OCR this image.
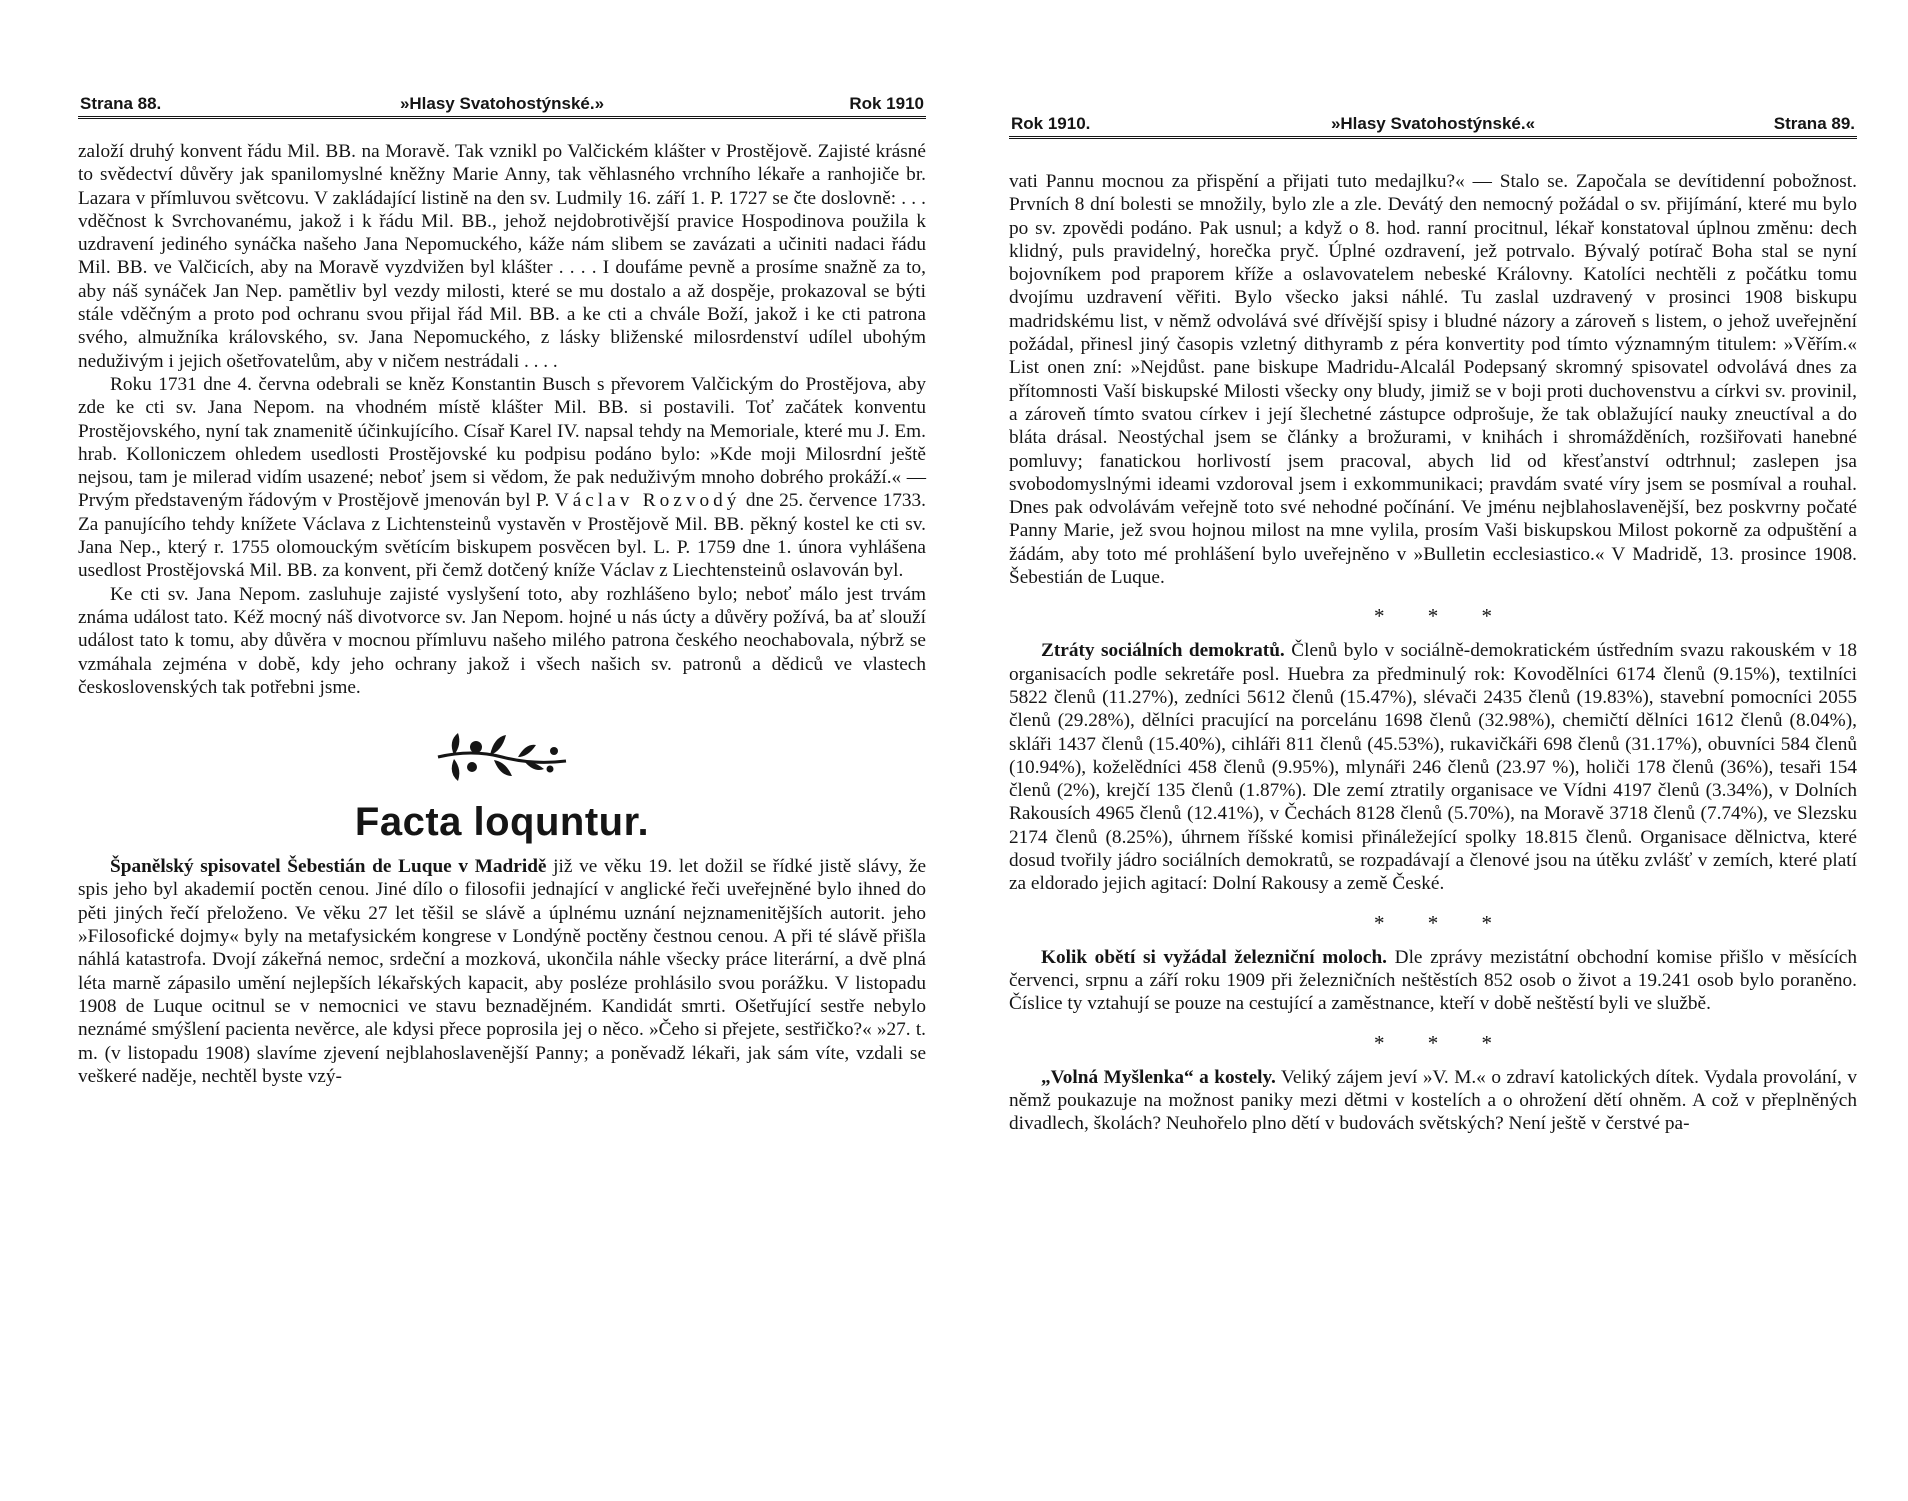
Strana 88.	»Hlasy Svatohostýnské.»	Rok 1910

založí druhý konvent řádu Mil. BB. na Moravě. Tak vznikl po Valčickém klášter v Prostějově. Zajisté krásné to svědectví důvěry jak spanilomyslné kněžny Marie Anny, tak věhlasného vrchního lékaře a ranhojiče br. Lazara v přímluvou světcovu. V zakládající listině na den sv. Ludmily 16. září 1. P. 1727 se čte doslovně: . . . vděčnost k Svrchovanému, jakož i k řádu Mil. BB., jehož nejdobrotivější pravice Hospodinova použila k uzdravení jediného synáčka našeho Jana Nepomuckého, káže nám slibem se zavázati a učiniti nadaci řádu Mil. BB. ve Valčicích, aby na Moravě vyzdvižen byl klášter . . . . I doufáme pevně a prosíme snažně za to, aby náš synáček Jan Nep. pamětliv byl vezdy milosti, které se mu dostalo a až dospěje, prokazoval se býti stále vděčným a proto pod ochranu svou přijal řád Mil. BB. a ke cti a chvále Boží, jakož i ke cti patrona svého, almužníka královského, sv. Jana Nepomuckého, z lásky bliženské milosrdenství udílel ubohým neduživým i jejich ošetřovatelům, aby v ničem nestrádali . . . .

Roku 1731 dne 4. června odebrali se kněz Konstantin Busch s převorem Valčickým do Prostějova, aby zde ke cti sv. Jana Nepom. na vhodném místě klášter Mil. BB. si postavili. Toť začátek konventu Prostějovského, nyní tak znamenitě účinkujícího. Císař Karel IV. napsal tehdy na Memoriale, které mu J. Em. hrab. Kolloniczem ohledem usedlosti Prostějovské ku podpisu podáno bylo: »Kde moji Milosrdní ještě nejsou, tam je milerad vidím usazené; neboť jsem si vědom, že pak neduživým mnoho dobrého prokáží.« — Prvým představeným řádovým v Prostějově jmenován byl P. Václav Rozvodý dne 25. července 1733. Za panujícího tehdy knížete Václava z Lichtensteinů vystavěn v Prostějově Mil. BB. pěkný kostel ke cti sv. Jana Nep., který r. 1755 olomouckým světícím biskupem posvěcen byl. L. P. 1759 dne 1. února vyhlášena usedlost Prostějovská Mil. BB. za konvent, při čemž dotčený kníže Václav z Liechtensteinů oslavován byl.

Ke cti sv. Jana Nepom. zasluhuje zajisté vyslyšení toto, aby rozhlášeno bylo; neboť málo jest trvám známa událost tato. Kéž mocný náš divotvorce sv. Jan Nepom. hojné u nás úcty a důvěry požívá, ba ať slouží událost tato k tomu, aby důvěra v mocnou přímluvu našeho milého patrona českého neochabovala, nýbrž se vzmáhala zejména v době, kdy jeho ochrany jakož i všech našich sv. patronů a dědiců ve vlastech československých tak potřebni jsme.

Facta loquntur.

Španělský spisovatel Šebestián de Luque v Madridě již ve věku 19. let dožil se řídké jistě slávy, že spis jeho byl akademií poctěn cenou. Jiné dílo o filosofii jednající v anglické řeči uveřejněné bylo ihned do pěti jiných řečí přeloženo. Ve věku 27 let těšil se slávě a úplnému uznání nejznamenitějších autorit. jeho »Filosofické dojmy« byly na metafysickém kongrese v Londýně poctěny čestnou cenou. A při té slávě přišla náhlá katastrofa. Dvojí zákeřná nemoc, srdeční a mozková, ukončila náhle všecky práce literární, a dvě plná léta marně zápasilo umění nejlepších lékařských kapacit, aby posléze prohlásilo svou porážku. V listopadu 1908 de Luque ocitnul se v nemocnici ve stavu beznadějném. Kandidát smrti. Ošetřující sestře nebylo neznámé smýšlení pacienta nevěrce, ale kdysi přece poprosila jej o něco. »Čeho si přejete, sestřičko?« »27. t. m. (v listopadu 1908) slavíme zjevení nejblahoslavenější Panny; a poněvadž lékaři, jak sám víte, vzdali se veškeré naděje, nechtěl byste vzý-

Rok 1910.	»Hlasy Svatohostýnské.«	Strana 89.

vati Pannu mocnou za přispění a přijati tuto medajlku?« — Stalo se. Započala se devítidenní pobožnost. Prvních 8 dní bolesti se množily, bylo zle a zle. Devátý den nemocný požádal o sv. přijímání, které mu bylo po sv. zpovědi podáno. Pak usnul; a když o 8. hod. ranní procitnul, lékař konstatoval úplnou změnu: dech klidný, puls pravidelný, horečka pryč. Úplné ozdravení, jež potrvalo. Bývalý potírač Boha stal se nyní bojovníkem pod praporem kříže a oslavovatelem nebeské Královny. Katolíci nechtěli z počátku tomu dvojímu uzdravení věřiti. Bylo všecko jaksi náhlé. Tu zaslal uzdravený v prosinci 1908 biskupu madridskému list, v němž odvolává své dřívější spisy i bludné názory a zároveň s listem, o jehož uveřejnění požádal, přinesl jiný časopis vzletný dithyramb z péra konvertity pod tímto významným titulem: »Věřím.« List onen zní: »Nejdůst. pane biskupe Madridu-Alcalál Podepsaný skromný spisovatel odvolává dnes za přítomnosti Vaší biskupské Milosti všecky ony bludy, jimiž se v boji proti duchovenstvu a církvi sv. provinil, a zároveň tímto svatou církev i její šlechetné zástupce odprošuje, že tak oblažující nauky zneuctíval a do bláta drásal. Neostýchal jsem se články a brožurami, v knihách i shromážděních, rozšiřovati hanebné pomluvy; fanatickou horlivostí jsem pracoval, abych lid od křesťanství odtrhnul; zaslepen jsa svobodomyslnými ideami vzdoroval jsem i exkommunikaci; pravdám svaté víry jsem se posmíval a rouhal. Dnes pak odvolávám veřejně toto své nehodné počínání. Ve jménu nejblahoslavenější, bez poskvrny počaté Panny Marie, jež svou hojnou milost na mne vylila, prosím Vaši biskupskou Milost pokorně za odpuštění a žádám, aby toto mé prohlášení bylo uveřejněno v »Bulletin ecclesiastico.« V Madridě, 13. prosince 1908. Šebestián de Luque.

* * *

Ztráty sociálních demokratů. Členů bylo v sociálně-demokratickém ústředním svazu rakouském v 18 organisacích podle sekretáře posl. Huebra za předminulý rok: Kovodělníci 6174 členů (9.15%), textilníci 5822 členů (11.27%), zedníci 5612 členů (15.47%), slévači 2435 členů (19.83%), stavební pomocníci 2055 členů (29.28%), dělníci pracující na porcelánu 1698 členů (32.98%), chemičtí dělníci 1612 členů (8.04%), skláři 1437 členů (15.40%), cihláři 811 členů (45.53%), rukavičkáři 698 členů (31.17%), obuvníci 584 členů (10.94%), koželědníci 458 členů (9.95%), mlynáři 246 členů (23.97 %), holiči 178 členů (36%), tesaři 154 členů (2%), krejčí 135 členů (1.87%). Dle zemí ztratily organisace ve Vídni 4197 členů (3.34%), v Dolních Rakousích 4965 členů (12.41%), v Čechách 8128 členů (5.70%), na Moravě 3718 členů (7.74%), ve Slezsku 2174 členů (8.25%), úhrnem říšské komisi přináležející spolky 18.815 členů. Organisace dělnictva, které dosud tvořily jádro sociálních demokratů, se rozpadávají a členové jsou na útěku zvlášť v zemích, které platí za eldorado jejich agitací: Dolní Rakousy a země České.

* * *

Kolik obětí si vyžádal železniční moloch. Dle zprávy mezistátní obchodní komise přišlo v měsících červenci, srpnu a září roku 1909 při železničních neštěstích 852 osob o život a 19.241 osob bylo poraněno. Číslice ty vztahují se pouze na cestující a zaměstnance, kteří v době neštěstí byli ve službě.

* * *

„Volná Myšlenka“ a kostely. Veliký zájem jeví »V. M.« o zdraví katolických dítek. Vydala provolání, v němž poukazuje na možnost paniky mezi dětmi v kostelích a o ohrožení dětí ohněm. A což v přeplněných divadlech, školách? Neuhořelo plno dětí v budovách světských? Není ještě v čerstvé pa-
